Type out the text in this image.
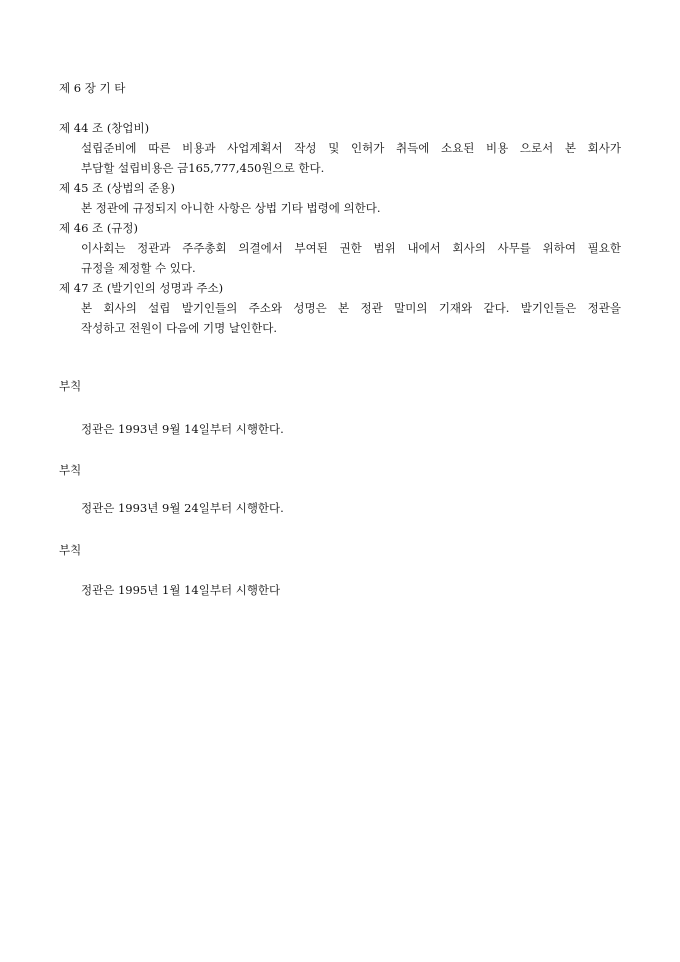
제 6 장 기 타
제 44 조 (창업비)
설립준비에 따른 비용과 사업계획서 작성 및 인허가 취득에 소요된 비용 으로서 본 회사가
부담할 설립비용은 금165,777,450원으로 한다.
제 45 조 (상법의 준용)
본 정관에 규정되지 아니한 사항은 상법 기타 법령에 의한다.
제 46 조 (규정)
이사회는 정관과 주주총회 의결에서 부여된 권한 범위 내에서 회사의 사무를 위하여 필요한
규정을 제정할 수 있다.
제 47 조 (발기인의 성명과 주소)
본 회사의 설립 발기인들의 주소와 성명은 본 정관 말미의 기재와 같다. 발기인들은 정관을
작성하고 전원이 다음에 기명 날인한다.
부칙
정관은 1993년 9월 14일부터 시행한다.
부칙
정관은 1993년 9월 24일부터 시행한다.
부칙
정관은 1995년 1월 14일부터 시행한다
